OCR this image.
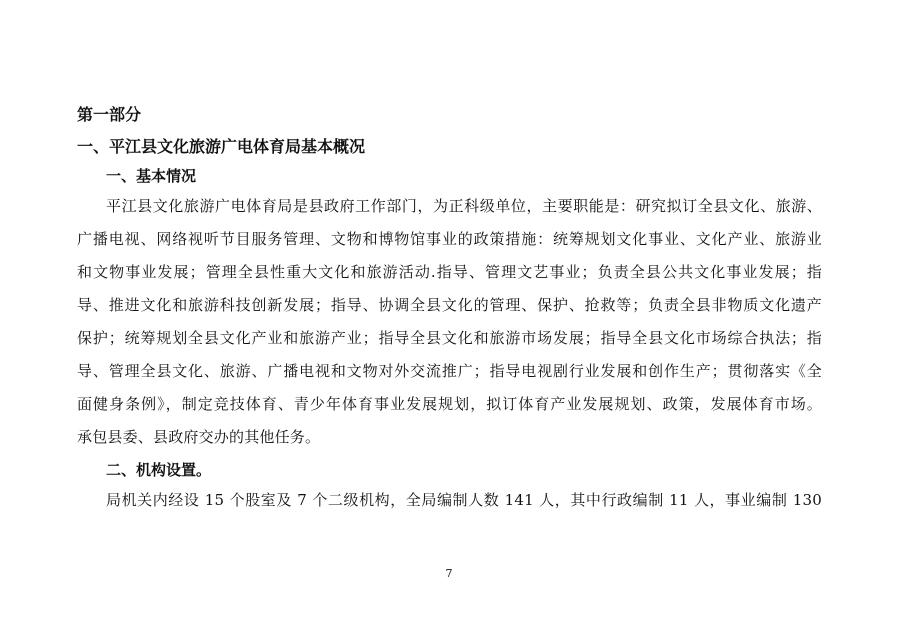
第一部分
一、平江县文化旅游广电体育局基本概况
一、基本情况
平江县文化旅游广电体育局是县政府工作部门，为正科级单位，主要职能是：研究拟订全县文化、旅游、
广播电视、网络视听节目服务管理、文物和博物馆事业的政策措施：统筹规划文化事业、文化产业、旅游业
和文物事业发展；管理全县性重大文化和旅游活动.指导、管理文艺事业；负责全县公共文化事业发展；指
导、推进文化和旅游科技创新发展；指导、协调全县文化的管理、保护、抢救等；负责全县非物质文化遗产
保护；统筹规划全县文化产业和旅游产业；指导全县文化和旅游市场发展；指导全县文化市场综合执法；指
导、管理全县文化、旅游、广播电视和文物对外交流推广；指导电视剧行业发展和创作生产；贯彻落实《全
面健身条例》，制定竞技体育、青少年体育事业发展规划，拟订体育产业发展规划、政策，发展体育市场。
承包县委、县政府交办的其他任务。
二、机构设置。
局机关内经设 15 个股室及 7 个二级机构，全局编制人数 141 人，其中行政编制 11 人，事业编制 130
7
